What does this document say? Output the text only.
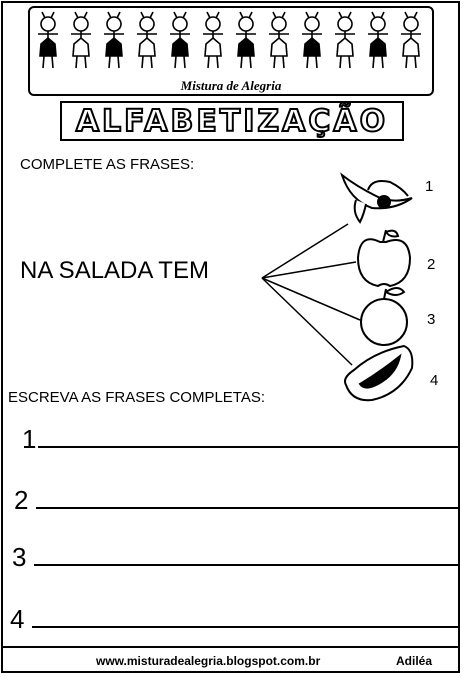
Mistura de Alegria
ALFABETIZAÇÃO
COMPLETE AS FRASES:
NA SALADA TEM
1
2
3
4
ESCREVA AS FRASES COMPLETAS:
1
2
3
4
www.misturadealegria.blogspot.com.br	Adiléa
